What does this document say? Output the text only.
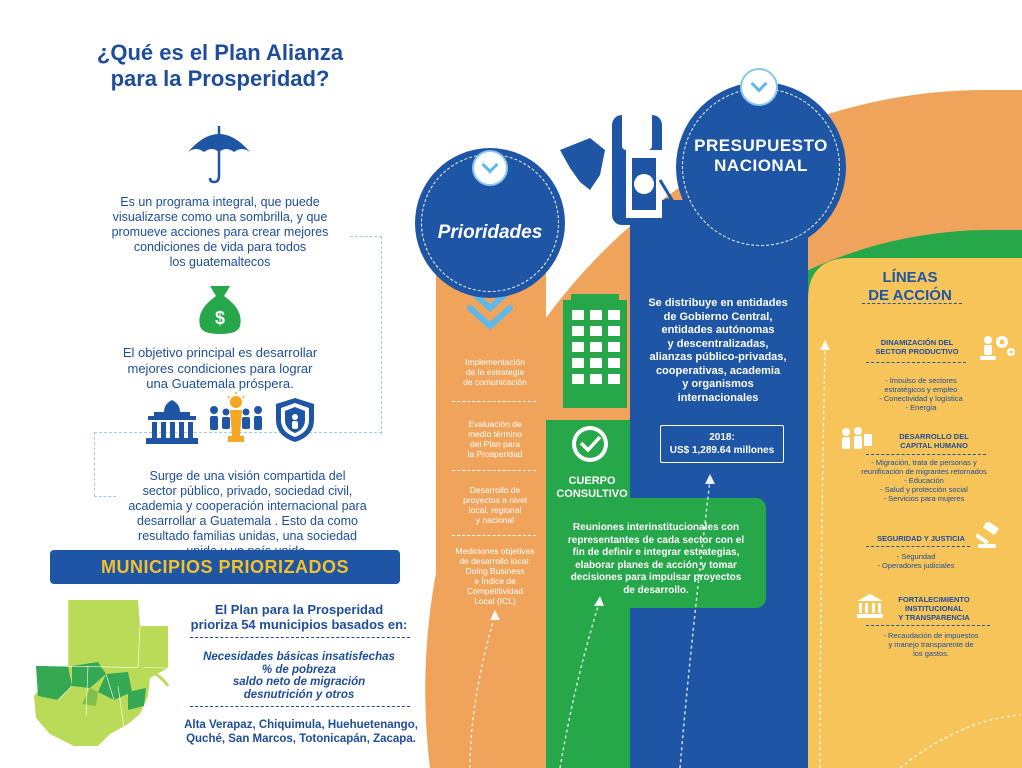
¿Qué es el Plan Alianza
para la Prosperidad?
Es un programa integral, que puede
visualizarse como una sombrilla, y que
promueve acciones para crear mejores
condiciones de vida para todos
los guatemaltecos
$
El objetivo principal es desarrollar
mejores condiciones para lograr
una Guatemala próspera.
Surge de una visión compartida del
sector público, privado, sociedad civil,
academia y cooperación internacional para
desarrollar a Guatemala . Esto da como
resultado familias unidas, una sociedad
MUNICIPIOS PRIORIZADOS
El Plan para la Prosperidad
prioriza 54 municipios basados en:
Necesidades básicas insatisfechas
% de pobreza
saldo neto de migración
desnutrición y otros
Alta Verapaz, Chiquimula, Huehuetenango,
Quché, San Marcos, Totonicapán, Zacapa.
Prioridades
Implementación
de la estrategia
de comunicación
Evaluación de
medio término
del Plan para
la Prosperidad
Desarrollo de
proyectos a nivel
local, regional
y nacional
Mediciones objetivas
de desarrollo local:
Doing Business
e Índice de
Competitividad
Local (ICL)
PRESUPUESTO
NACIONAL
Se distribuye en entidades
de Gobierno Central,
entidades autónomas
y descentralizadas,
alianzas público-privadas,
cooperativas, academia
y organismos
internacionales
2018:
US$ 1,289.64 millones
CUERPO
CONSULTIVO
Reuniones interinstitucionales con
representantes de cada sector con el
fin de definir e integrar estrategias,
elaborar planes de acción y tomar
decisiones para impulsar proyectos
de desarrollo.
LÍNEAS
DE ACCIÓN
DINAMIZACIÓN DEL
SECTOR PRODUCTIVO
- Imoulso de sectores
estratégicos y empleo
- Conectividad y logística
- Energía
DESARROLLO DEL
CAPITAL HUMANO
- Migración, trata de personas y
reunificación de migrantes retornados
- Educación
- Salud y protección social
- Servicios para mujeres
SEGURIDAD Y JUSTICIA
- Seguridad
- Operadores judiciales
FORTALECIMIENTO
INSTITUCIONAL
Y TRANSPARENCIA
- Recaudación de impuestos
y manejo transparente de
los gastos.
